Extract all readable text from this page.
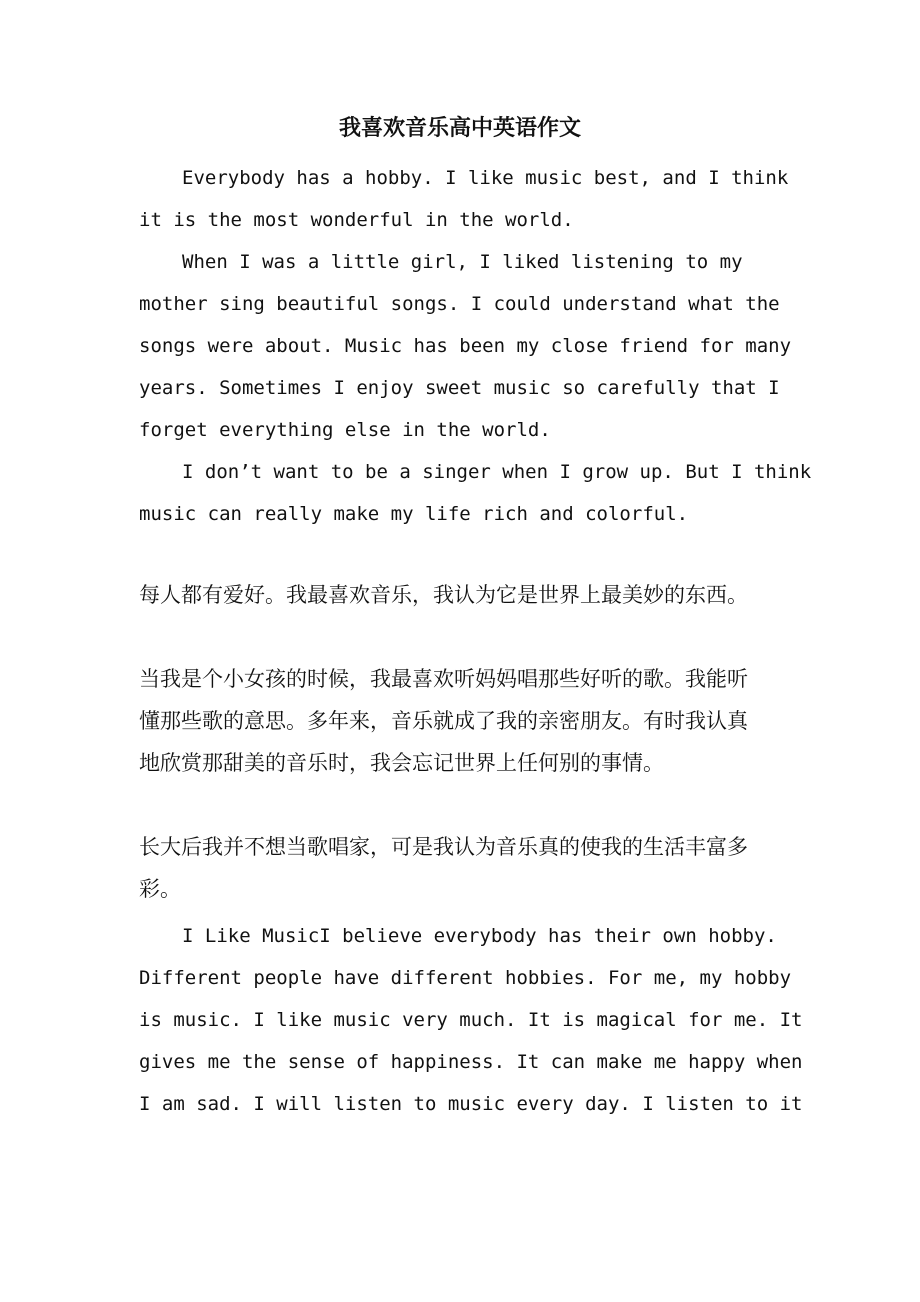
我喜欢音乐高中英语作文
Everybody has a hobby. I like music best, and I think
it is the most wonderful in the world.
When I was a little girl, I liked listening to my
mother sing beautiful songs. I could understand what the
songs were about. Music has been my close friend for many
years. Sometimes I enjoy sweet music so carefully that I
forget everything else in the world.
I don’t want to be a singer when I grow up. But I think
music can really make my life rich and colorful.
每人都有爱好。我最喜欢音乐，我认为它是世界上最美妙的东西。
当我是个小女孩的时候，我最喜欢听妈妈唱那些好听的歌。我能听
懂那些歌的意思。多年来，音乐就成了我的亲密朋友。有时我认真
地欣赏那甜美的音乐时，我会忘记世界上任何别的事情。
长大后我并不想当歌唱家，可是我认为音乐真的使我的生活丰富多
彩。
I Like MusicI believe everybody has their own hobby.
Different people have different hobbies. For me, my hobby
is music. I like music very much. It is magical for me. It
gives me the sense of happiness. It can make me happy when
I am sad. I will listen to music every day. I listen to it
